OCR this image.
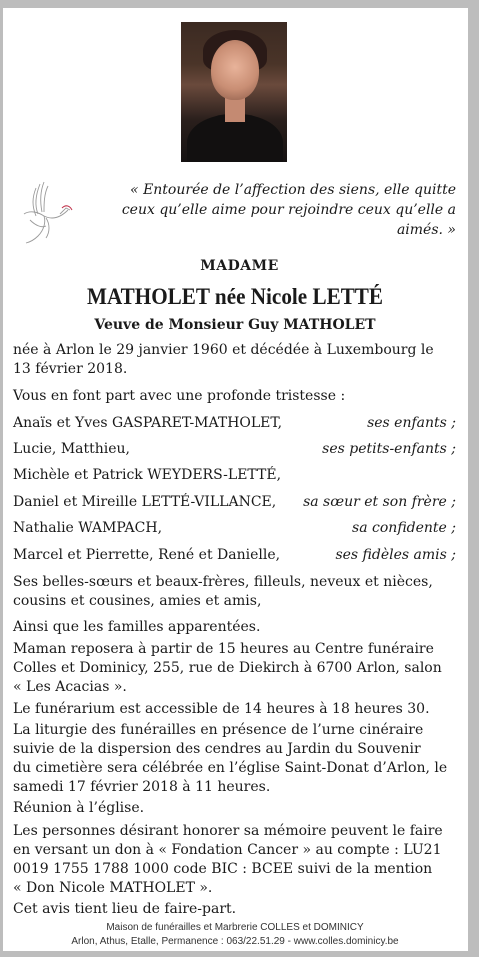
« Entourée de l’affection des siens, elle quitte
ceux qu’elle aime pour rejoindre ceux qu’elle a
aimés. »
MADAME
MATHOLET née Nicole LETTÉ
Veuve de Monsieur Guy MATHOLET
née à Arlon le 29 janvier 1960 et décédée à Luxembourg le
13 février 2018.
Vous en font part avec une profonde tristesse :
Anaïs et Yves GASPARET-MATHOLET,	ses enfants ;
Lucie, Matthieu,	ses petits-enfants ;
Michèle et Patrick WEYDERS-LETTÉ,
Daniel et Mireille LETTÉ-VILLANCE, sa sœur et son frère ;
Nathalie WAMPACH,	sa confidente ;
Marcel et Pierrette, René et Danielle,	ses fidèles amis ;
Ses belles-sœurs et beaux-frères, filleuls, neveux et nièces,
cousins et cousines, amies et amis,
Ainsi que les familles apparentées.
Maman reposera à partir de 15 heures au Centre funéraire
Colles et Dominicy, 255, rue de Diekirch à 6700 Arlon, salon
« Les Acacias ».
Le funérarium est accessible de 14 heures à 18 heures 30.
La liturgie des funérailles en présence de l’urne cinéraire
suivie de la dispersion des cendres au Jardin du Souvenir
du cimetière sera célébrée en l’église Saint-Donat d’Arlon, le
samedi 17 février 2018 à 11 heures.
Réunion à l’église.
Les personnes désirant honorer sa mémoire peuvent le faire
en versant un don à « Fondation Cancer » au compte : LU21
0019 1755 1788 1000 code BIC : BCEE suivi de la mention
« Don Nicole MATHOLET ».
Cet avis tient lieu de faire-part.
Maison de funérailles et Marbrerie COLLES et DOMINICY
Arlon, Athus, Etalle, Permanence : 063/22.51.29 - www.colles.dominicy.be
